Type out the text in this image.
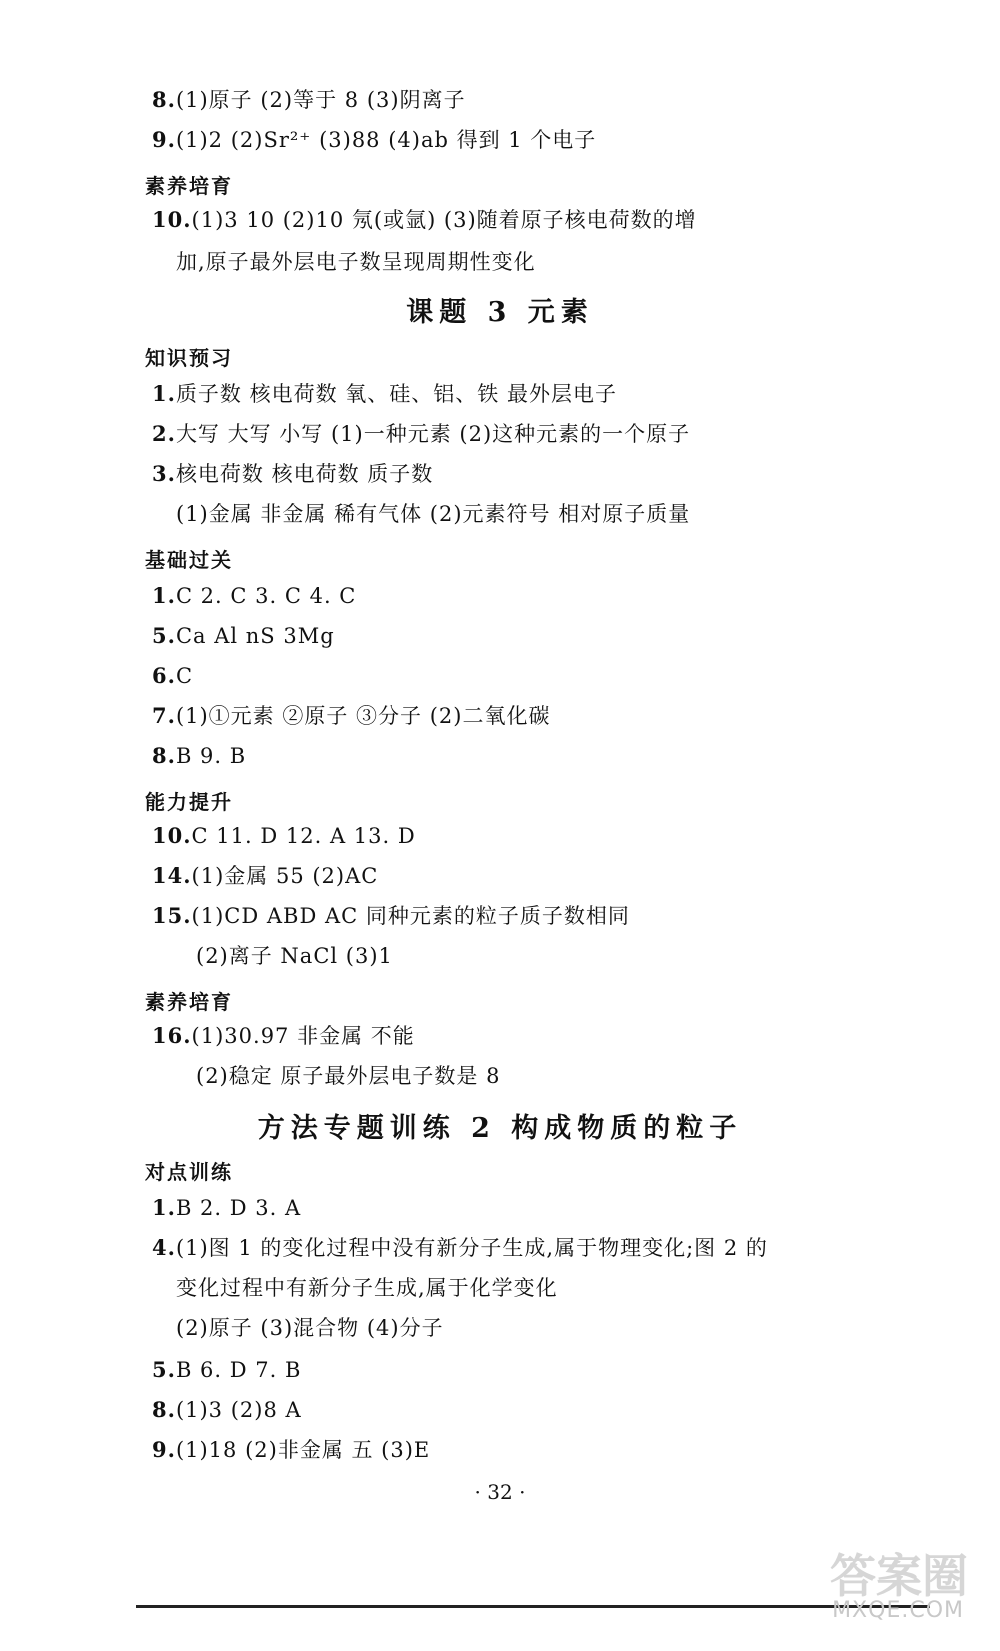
8.(1)原子 (2)等于 8 (3)阴离子
9.(1)2 (2)Sr²⁺ (3)88 (4)ab 得到 1 个电子
素养培育
10.(1)3 10 (2)10 氖(或氩) (3)随着原子核电荷数的增
加,原子最外层电子数呈现周期性变化
课题 3 元素
知识预习
1.质子数 核电荷数 氧、硅、铝、铁 最外层电子
2.大写 大写 小写 (1)一种元素 (2)这种元素的一个原子
3.核电荷数 核电荷数 质子数
(1)金属 非金属 稀有气体 (2)元素符号 相对原子质量
基础过关
1.C 2. C 3. C 4. C
5.Ca Al nS 3Mg
6.C
7.(1)①元素 ②原子 ③分子 (2)二氧化碳
8.B 9. B
能力提升
10.C 11. D 12. A 13. D
14.(1)金属 55 (2)AC
15.(1)CD ABD AC 同种元素的粒子质子数相同
(2)离子 NaCl (3)1
素养培育
16.(1)30.97 非金属 不能
(2)稳定 原子最外层电子数是 8
方法专题训练 2 构成物质的粒子
对点训练
1.B 2. D 3. A
4.(1)图 1 的变化过程中没有新分子生成,属于物理变化;图 2 的
变化过程中有新分子生成,属于化学变化
(2)原子 (3)混合物 (4)分子
5.B 6. D 7. B
8.(1)3 (2)8 A
9.(1)18 (2)非金属 五 (3)E
· 32 ·
答案圈
MXQE.COM
